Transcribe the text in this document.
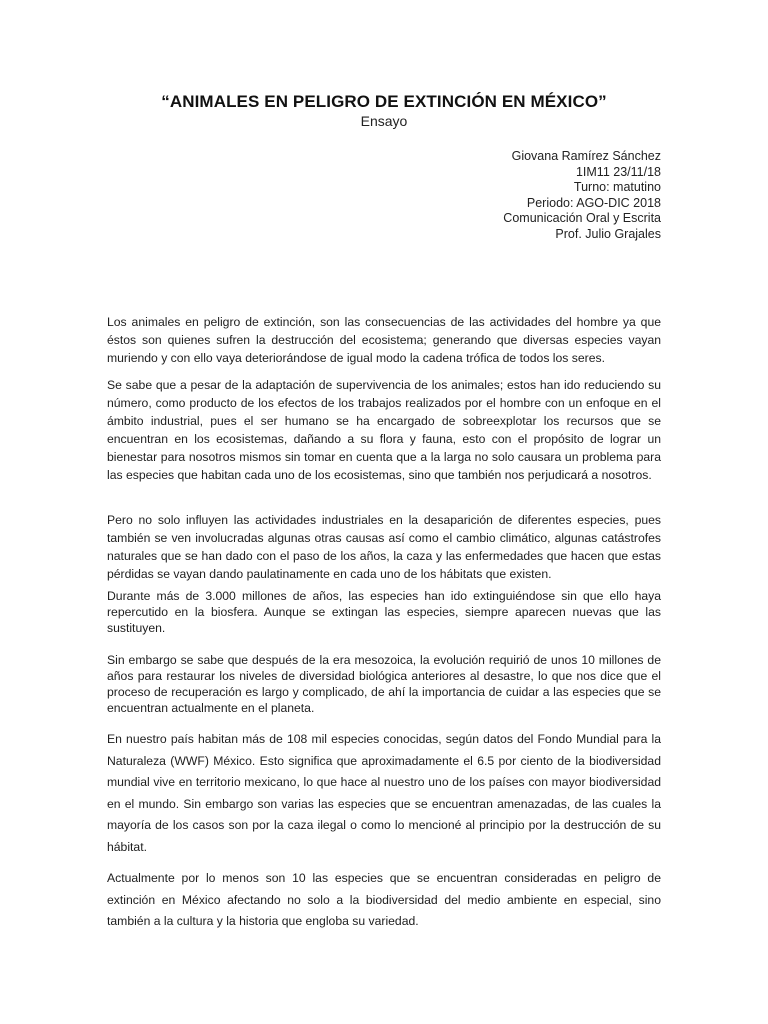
“ANIMALES EN PELIGRO DE EXTINCIÓN EN MÉXICO”
Ensayo
Giovana Ramírez Sánchez
1IM11 23/11/18
Turno: matutino
Periodo: AGO-DIC 2018
Comunicación Oral y Escrita
Prof. Julio Grajales

Los animales en peligro de extinción, son las consecuencias de las actividades del hombre ya que éstos son quienes sufren la destrucción del ecosistema; generando que diversas especies vayan muriendo y con ello vaya deteriorándose de igual modo la cadena trófica de todos los seres.

Se sabe que a pesar de la adaptación de supervivencia de los animales; estos han ido reduciendo su número, como producto de los efectos de los trabajos realizados por el hombre con un enfoque en el ámbito industrial, pues el ser humano se ha encargado de sobreexplotar los recursos que se encuentran en los ecosistemas, dañando a su flora y fauna, esto con el propósito de lograr un bienestar para nosotros mismos sin tomar en cuenta que a la larga no solo causara un problema para las especies que habitan cada uno de los ecosistemas, sino que también nos perjudicará a nosotros.

Pero no solo influyen las actividades industriales en la desaparición de diferentes especies, pues también se ven involucradas algunas otras causas así como el cambio climático, algunas catástrofes naturales que se han dado con el paso de los años, la caza y las enfermedades que hacen que estas pérdidas se vayan dando paulatinamente en cada uno de los hábitats que existen.

Durante más de 3.000 millones de años, las especies han ido extinguiéndose sin que ello haya repercutido en la biosfera. Aunque se extingan las especies, siempre aparecen nuevas que las sustituyen.

Sin embargo se sabe que después de la era mesozoica, la evolución requirió de unos 10 millones de años para restaurar los niveles de diversidad biológica anteriores al desastre, lo que nos dice que el proceso de recuperación es largo y complicado, de ahí la importancia de cuidar a las especies que se encuentran actualmente en el planeta.

En nuestro país habitan más de 108 mil especies conocidas, según datos del Fondo Mundial para la Naturaleza (WWF) México. Esto significa que aproximadamente el 6.5 por ciento de la biodiversidad mundial vive en territorio mexicano, lo que hace al nuestro uno de los países con mayor biodiversidad en el mundo. Sin embargo son varias las especies que se encuentran amenazadas, de las cuales la mayoría de los casos son por la caza ilegal o como lo mencioné al principio por la destrucción de su hábitat.

Actualmente por lo menos son 10 las especies que se encuentran consideradas en peligro de extinción en México afectando no solo a la biodiversidad del medio ambiente en especial, sino también a la cultura y la historia que engloba su variedad.
